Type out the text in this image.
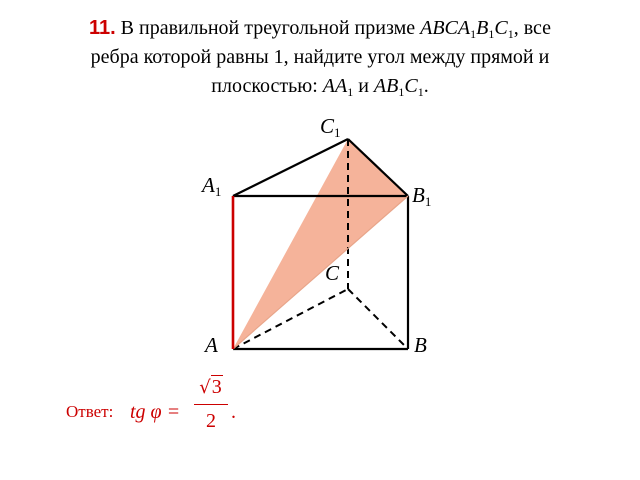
11. В правильной треугольной призме $ABCA_1B_1C_1$, все
ребра которой равны 1, найдите угол между прямой и
плоскостью: $AA_1$ и $AB_1C_1$.
C1
A1	B1
C
A	B
Ответ: tg φ =
√3
2 .
